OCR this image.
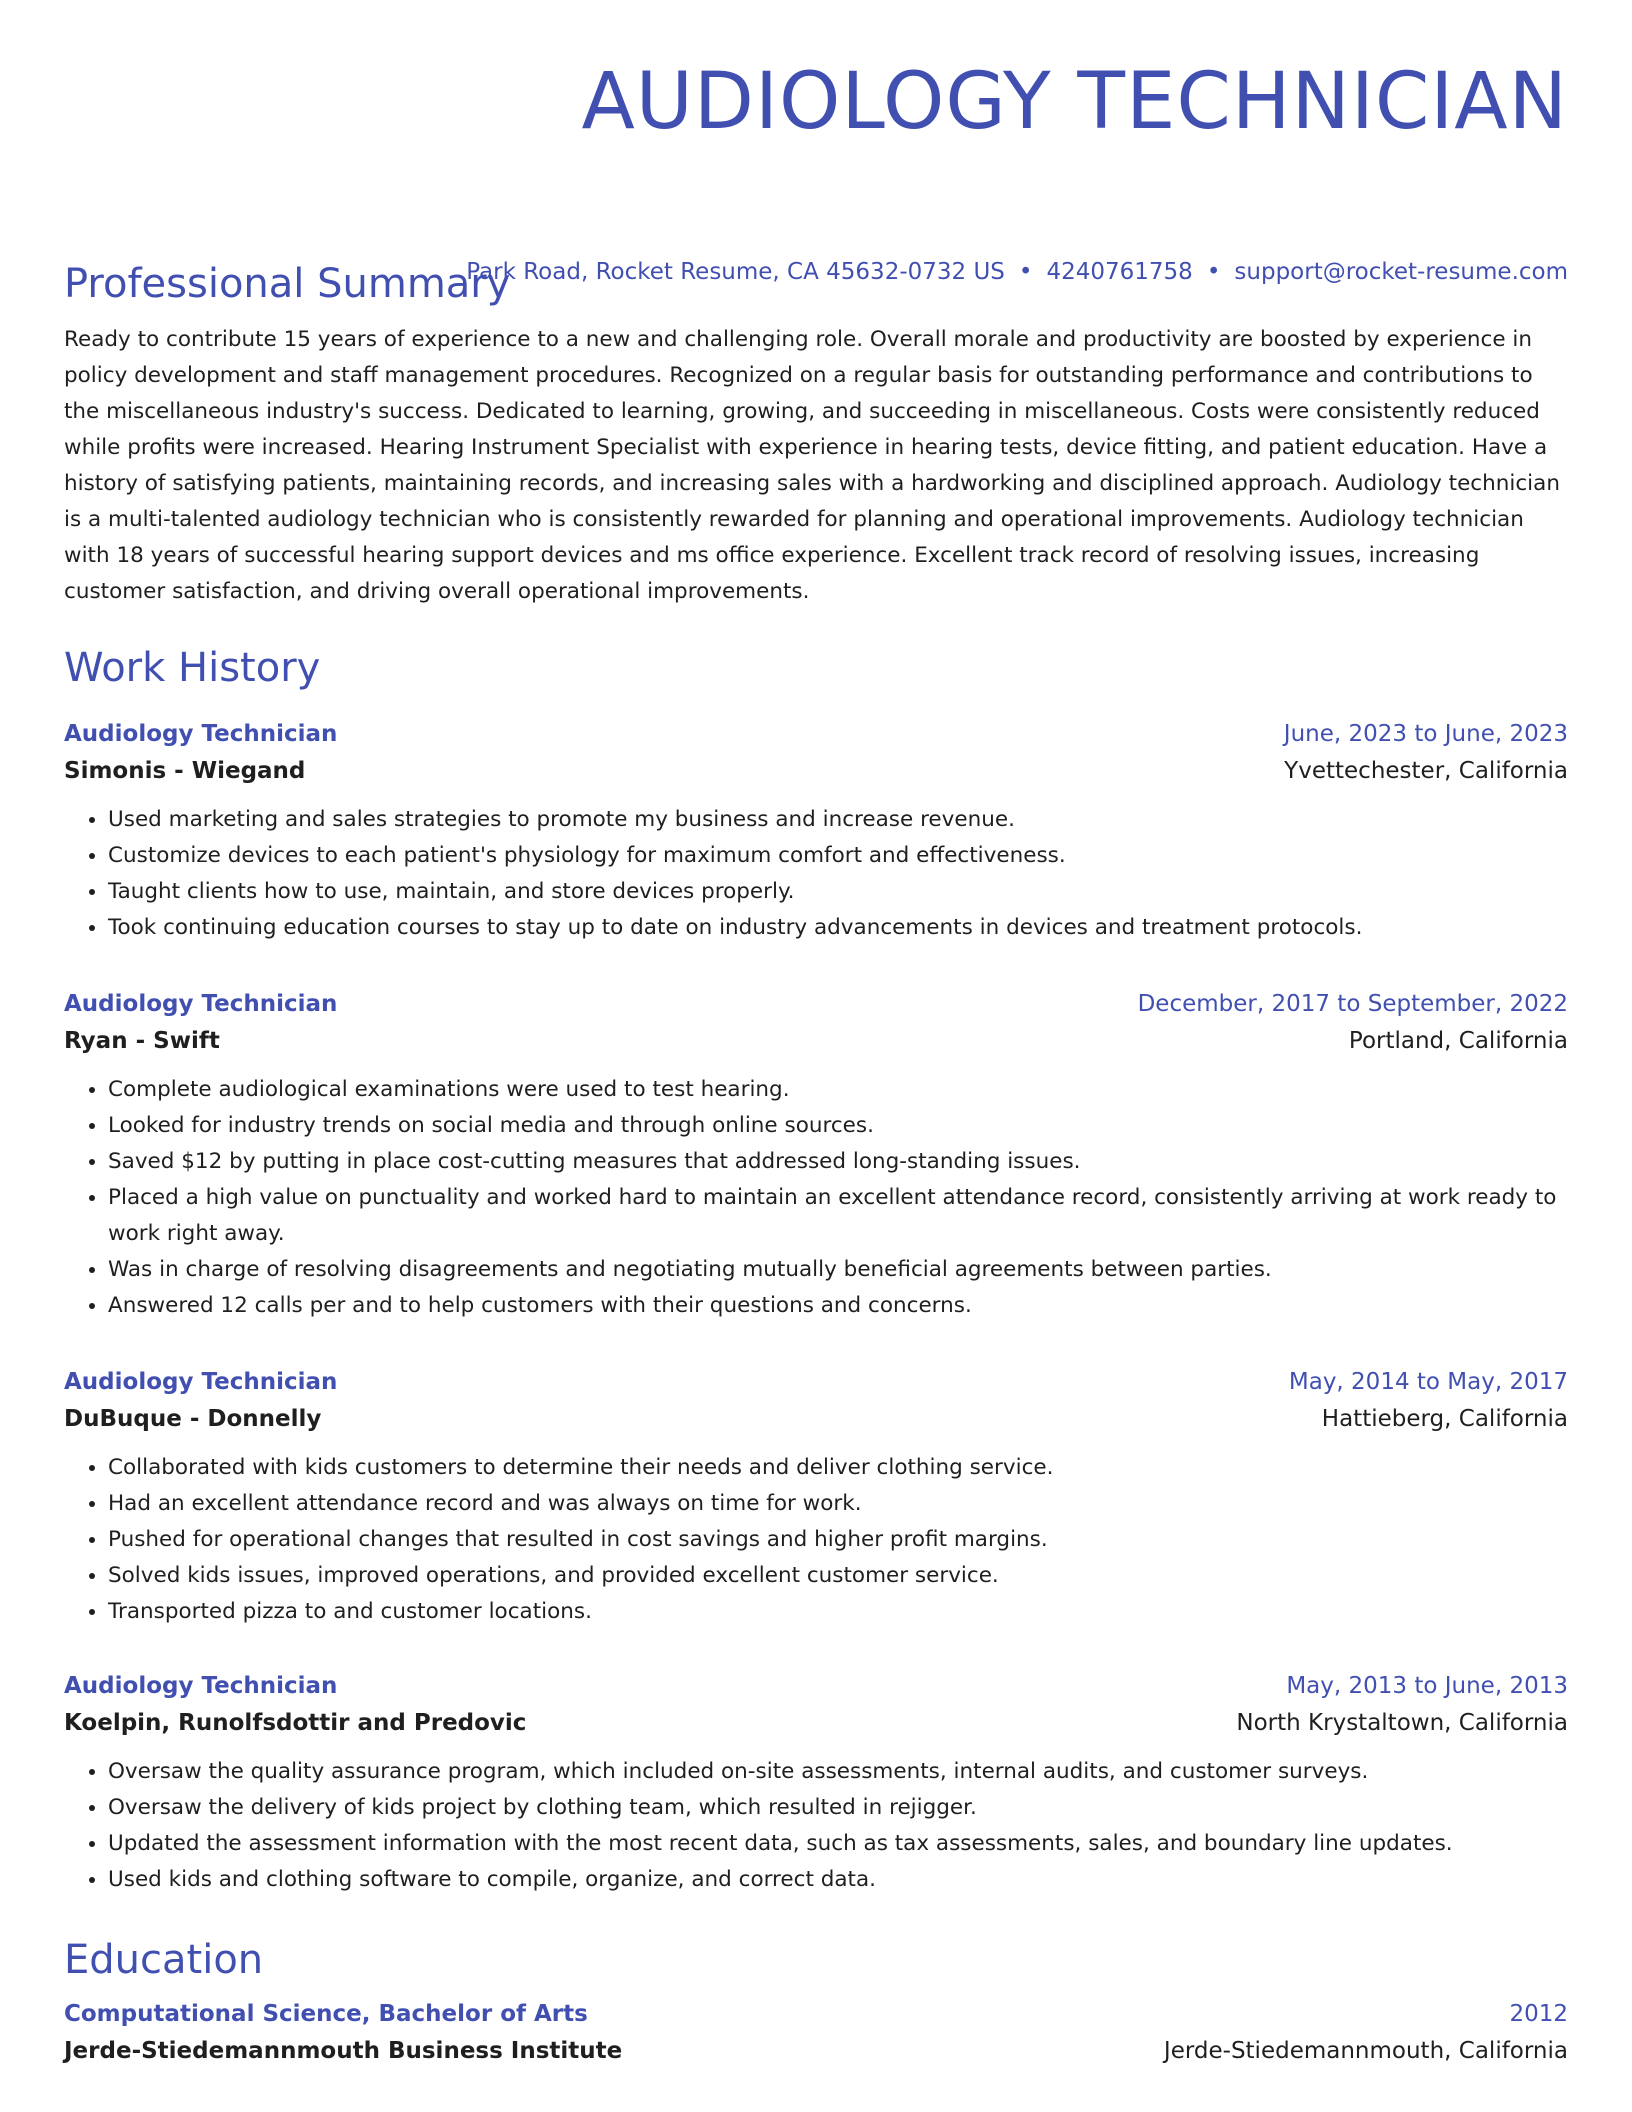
AUDIOLOGY TECHNICIAN
Park Road, Rocket Resume, CA 45632-0732 US • 4240761758 • support@rocket-resume.com
Professional Summary

Ready to contribute 15 years of experience to a new and challenging role. Overall morale and productivity are boosted by experience in policy development and staff management procedures. Recognized on a regular basis for outstanding performance and contributions to the miscellaneous industry's success. Dedicated to learning, growing, and succeeding in miscellaneous. Costs were consistently reduced while profits were increased. Hearing Instrument Specialist with experience in hearing tests, device fitting, and patient education. Have a history of satisfying patients, maintaining records, and increasing sales with a hardworking and disciplined approach. Audiology technician is a multi-talented audiology technician who is consistently rewarded for planning and operational improvements. Audiology technician with 18 years of successful hearing support devices and ms office experience. Excellent track record of resolving issues, increasing customer satisfaction, and driving overall operational improvements.

Work History
Audiology Technician	June, 2023 to June, 2023
Simonis - Wiegand	Yvettechester, California
• Used marketing and sales strategies to promote my business and increase revenue.
• Customize devices to each patient's physiology for maximum comfort and effectiveness.
• Taught clients how to use, maintain, and store devices properly.
• Took continuing education courses to stay up to date on industry advancements in devices and treatment protocols.
Audiology Technician	December, 2017 to September, 2022
Ryan - Swift	Portland, California
• Complete audiological examinations were used to test hearing.
• Looked for industry trends on social media and through online sources.
• Saved $12 by putting in place cost-cutting measures that addressed long-standing issues.
• Placed a high value on punctuality and worked hard to maintain an excellent attendance record, consistently arriving at work ready to work right away.
• Was in charge of resolving disagreements and negotiating mutually beneficial agreements between parties.
• Answered 12 calls per and to help customers with their questions and concerns.
Audiology Technician	May, 2014 to May, 2017
DuBuque - Donnelly	Hattieberg, California
• Collaborated with kids customers to determine their needs and deliver clothing service.
• Had an excellent attendance record and was always on time for work.
• Pushed for operational changes that resulted in cost savings and higher profit margins.
• Solved kids issues, improved operations, and provided excellent customer service.
• Transported pizza to and customer locations.
Audiology Technician	May, 2013 to June, 2013
Koelpin, Runolfsdottir and Predovic	North Krystaltown, California
• Oversaw the quality assurance program, which included on-site assessments, internal audits, and customer surveys.
• Oversaw the delivery of kids project by clothing team, which resulted in rejigger.
• Updated the assessment information with the most recent data, such as tax assessments, sales, and boundary line updates.
• Used kids and clothing software to compile, organize, and correct data.
Education
Computational Science, Bachelor of Arts	2012
Jerde-Stiedemannmouth Business Institute	Jerde-Stiedemannmouth, California
